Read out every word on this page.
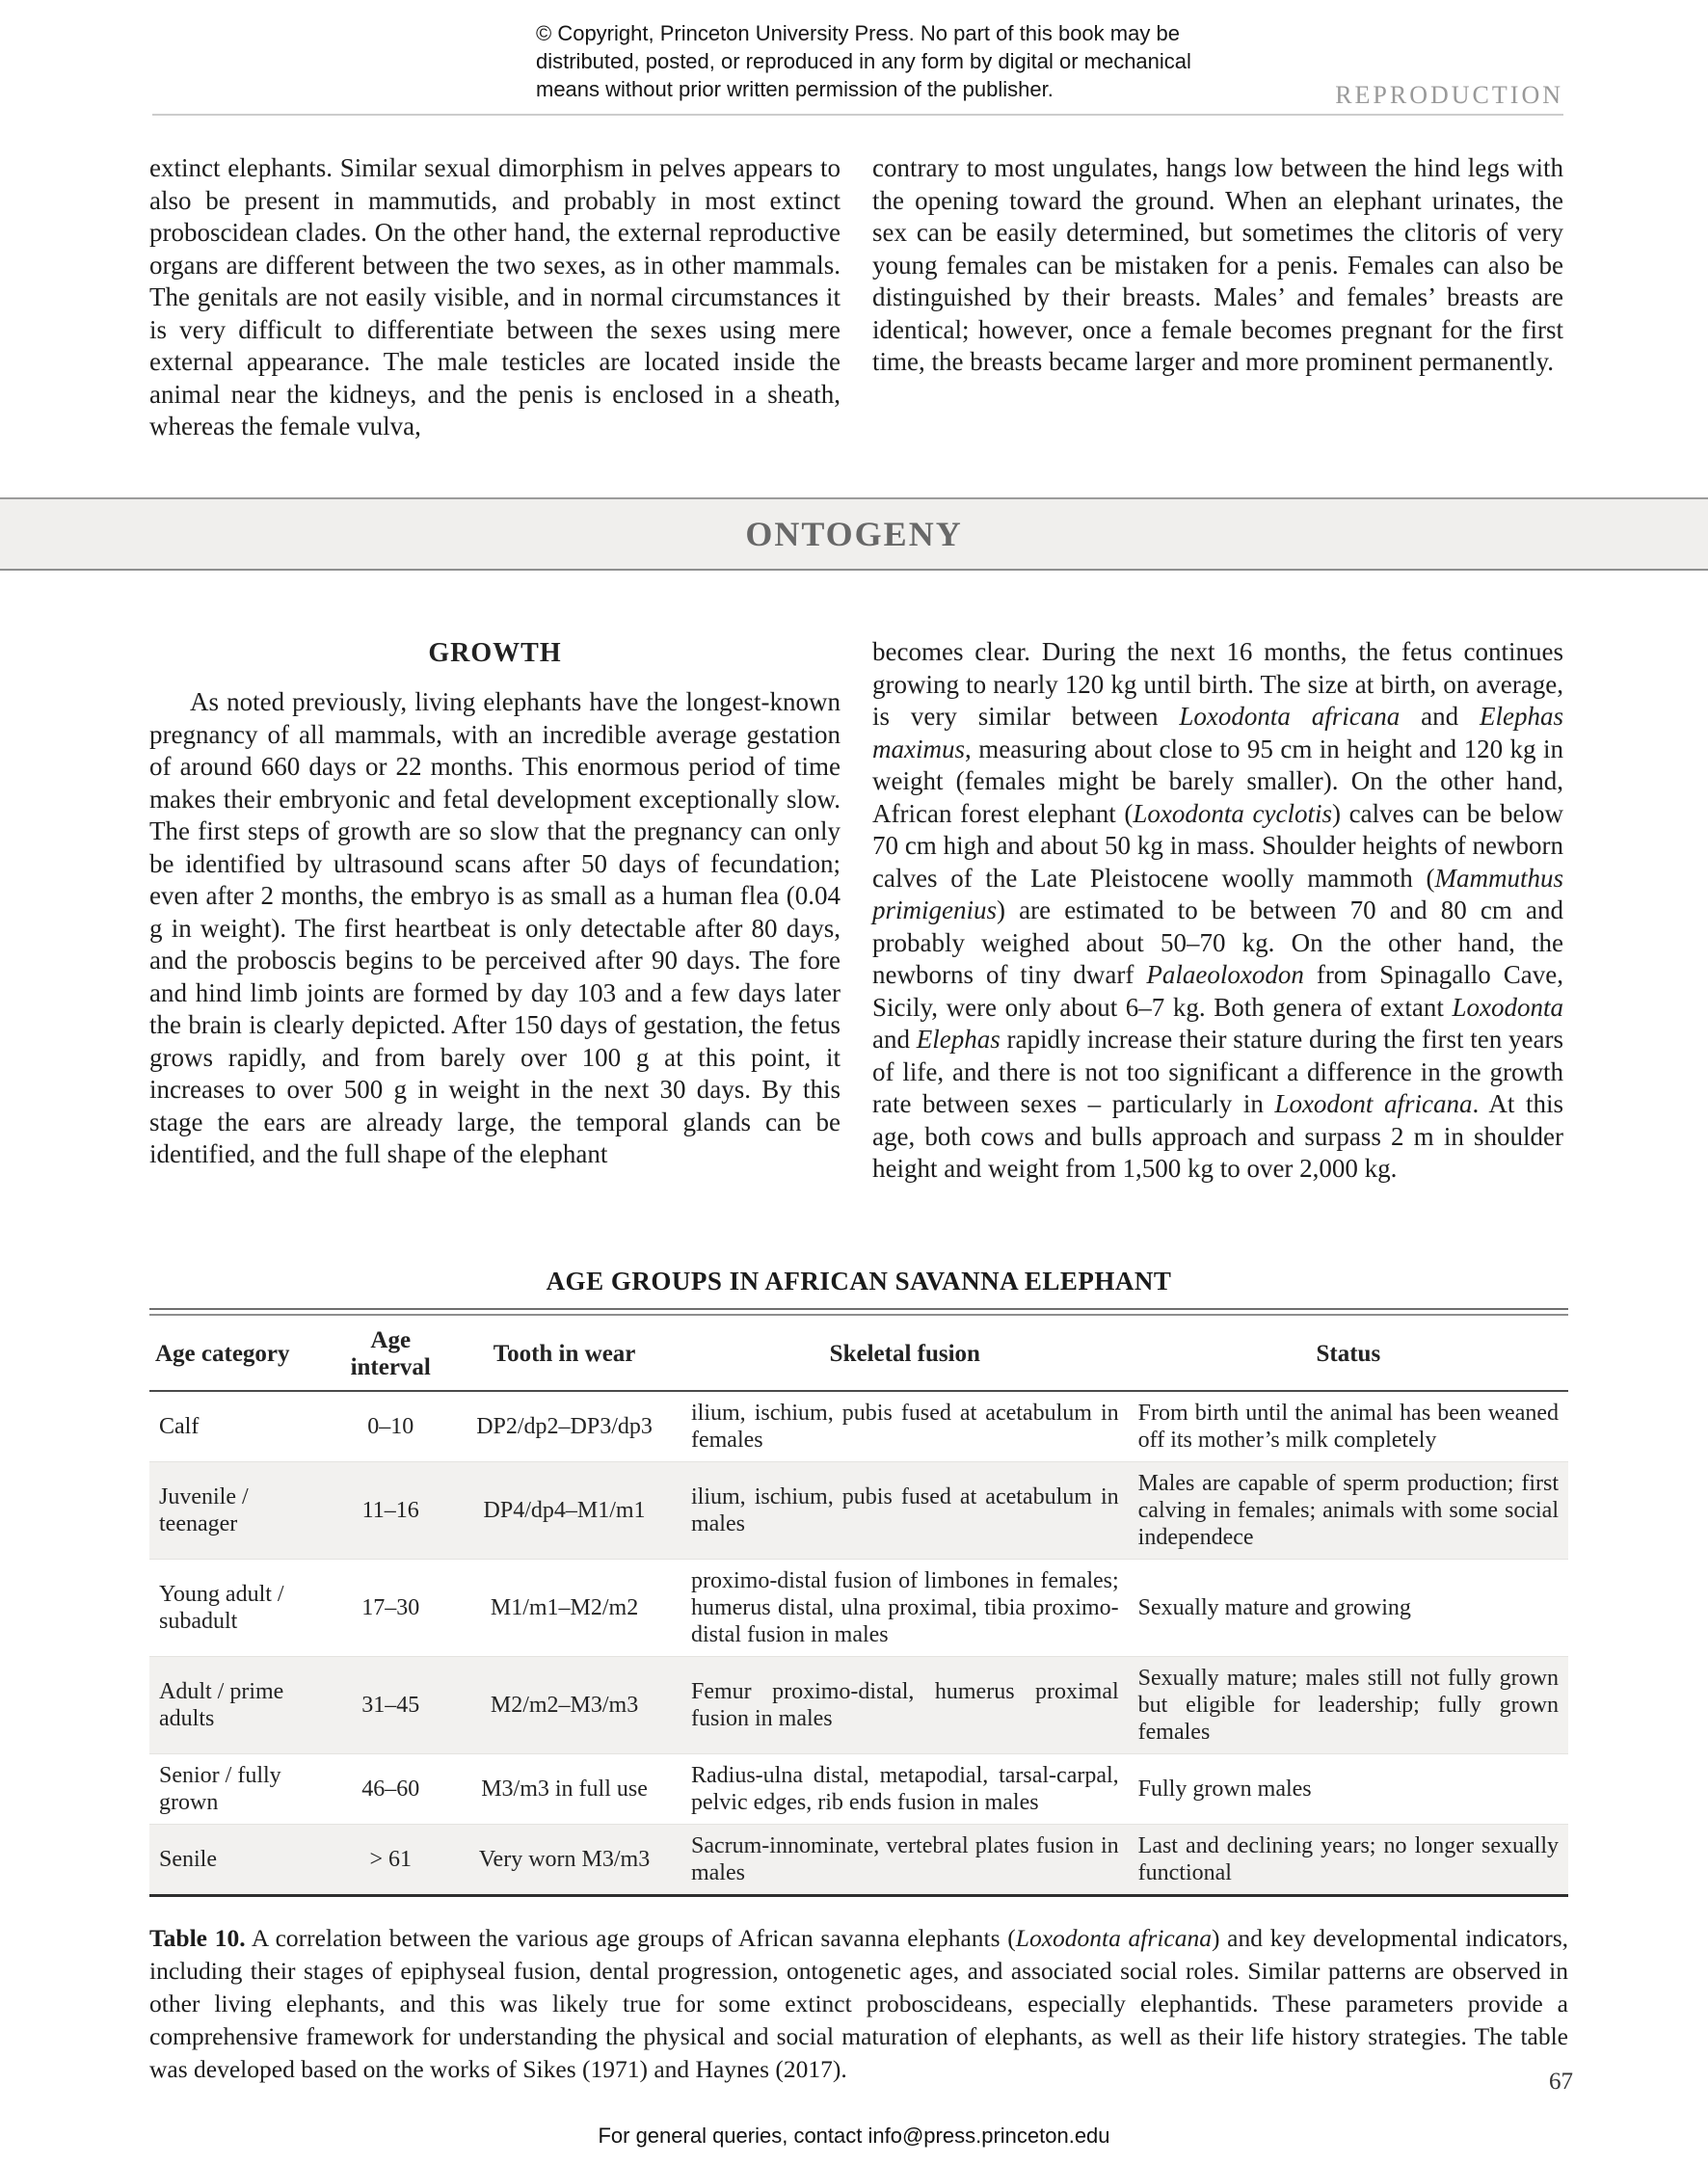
© Copyright, Princeton University Press. No part of this book may be
distributed, posted, or reproduced in any form by digital or mechanical
means without prior written permission of the publisher.	REPRODUCTION

extinct elephants. Similar sexual dimorphism in pelves appears to also be present in mammutids, and probably in most extinct proboscidean clades. On the other hand, the external reproductive organs are different between the two sexes, as in other mammals. The genitals are not easily visible, and in normal circumstances it is very difficult to differentiate between the sexes using mere external appearance. The male testicles are located inside the animal near the kidneys, and the penis is enclosed in a sheath, whereas the female vulva,

contrary to most ungulates, hangs low between the hind legs with the opening toward the ground. When an elephant urinates, the sex can be easily determined, but sometimes the clitoris of very young females can be mistaken for a penis. Females can also be distinguished by their breasts. Males’ and females’ breasts are identical; however, once a female becomes pregnant for the first time, the breasts became larger and more prominent permanently.

ONTOGENY
GROWTH

As noted previously, living elephants have the longest-known pregnancy of all mammals, with an incredible average gestation of around 660 days or 22 months. This enormous period of time makes their embryonic and fetal development exceptionally slow. The first steps of growth are so slow that the pregnancy can only be identified by ultrasound scans after 50 days of fecundation; even after 2 months, the embryo is as small as a human flea (0.04 g in weight). The first heartbeat is only detectable after 80 days, and the proboscis begins to be perceived after 90 days. The fore and hind limb joints are formed by day 103 and a few days later the brain is clearly depicted. After 150 days of gestation, the fetus grows rapidly, and from barely over 100 g at this point, it increases to over 500 g in weight in the next 30 days. By this stage the ears are already large, the temporal glands can be identified, and the full shape of the elephant

becomes clear. During the next 16 months, the fetus continues growing to nearly 120 kg until birth. The size at birth, on average, is very similar between Loxodonta africana and Elephas maximus, measuring about close to 95 cm in height and 120 kg in weight (females might be barely smaller). On the other hand, African forest elephant (Loxodonta cyclotis) calves can be below 70 cm high and about 50 kg in mass. Shoulder heights of newborn calves of the Late Pleistocene woolly mammoth (Mammuthus primigenius) are estimated to be between 70 and 80 cm and probably weighed about 50–70 kg. On the other hand, the newborns of tiny dwarf Palaeoloxodon from Spinagallo Cave, Sicily, were only about 6–7 kg. Both genera of extant Loxodonta and Elephas rapidly increase their stature during the first ten years of life, and there is not too significant a difference in the growth rate between sexes – particularly in Loxodont africana. At this age, both cows and bulls approach and surpass 2 m in shoulder height and weight from 1,500 kg to over 2,000 kg.

AGE GROUPS IN AFRICAN SAVANNA ELEPHANT
Age category	Age interval	Tooth in wear	Skeletal fusion	Status
Calf	0–10	DP2/dp2–DP3/dp3	ilium, ischium, pubis fused at acetabulum in females	From birth until the animal has been weaned off its mother’s milk completely
Juvenile / teenager	11–16	DP4/dp4–M1/m1	ilium, ischium, pubis fused at acetabulum in males	Males are capable of sperm production; first calving in females; animals with some social independece
Young adult / subadult	17–30	M1/m1–M2/m2	proximo-distal fusion of limbones in females; humerus distal, ulna proximal, tibia proximo-distal fusion in males	Sexually mature and growing
Adult / prime adults	31–45	M2/m2–M3/m3	Femur proximo-distal, humerus proximal fusion in males	Sexually mature; males still not fully grown but eligible for leadership; fully grown females
Senior / fully grown	46–60	M3/m3 in full use	Radius-ulna distal, metapodial, tarsal-carpal, pelvic edges, rib ends fusion in males	Fully grown males
Senile	> 61	Very worn M3/m3	Sacrum-innominate, vertebral plates fusion in males	Last and declining years; no longer sexually functional
Table 10. A correlation between the various age groups of African savanna elephants (Loxodonta africana) and key developmental indicators, including their stages of epiphyseal fusion, dental progression, ontogenetic ages, and associated social roles. Similar patterns are observed in other living elephants, and this was likely true for some extinct proboscideans, especially elephantids. These parameters provide a comprehensive framework for understanding the physical and social maturation of elephants, as well as their life history strategies. The table was developed based on the works of Sikes (1971) and Haynes (2017).	67
For general queries, contact info@press.princeton.edu
